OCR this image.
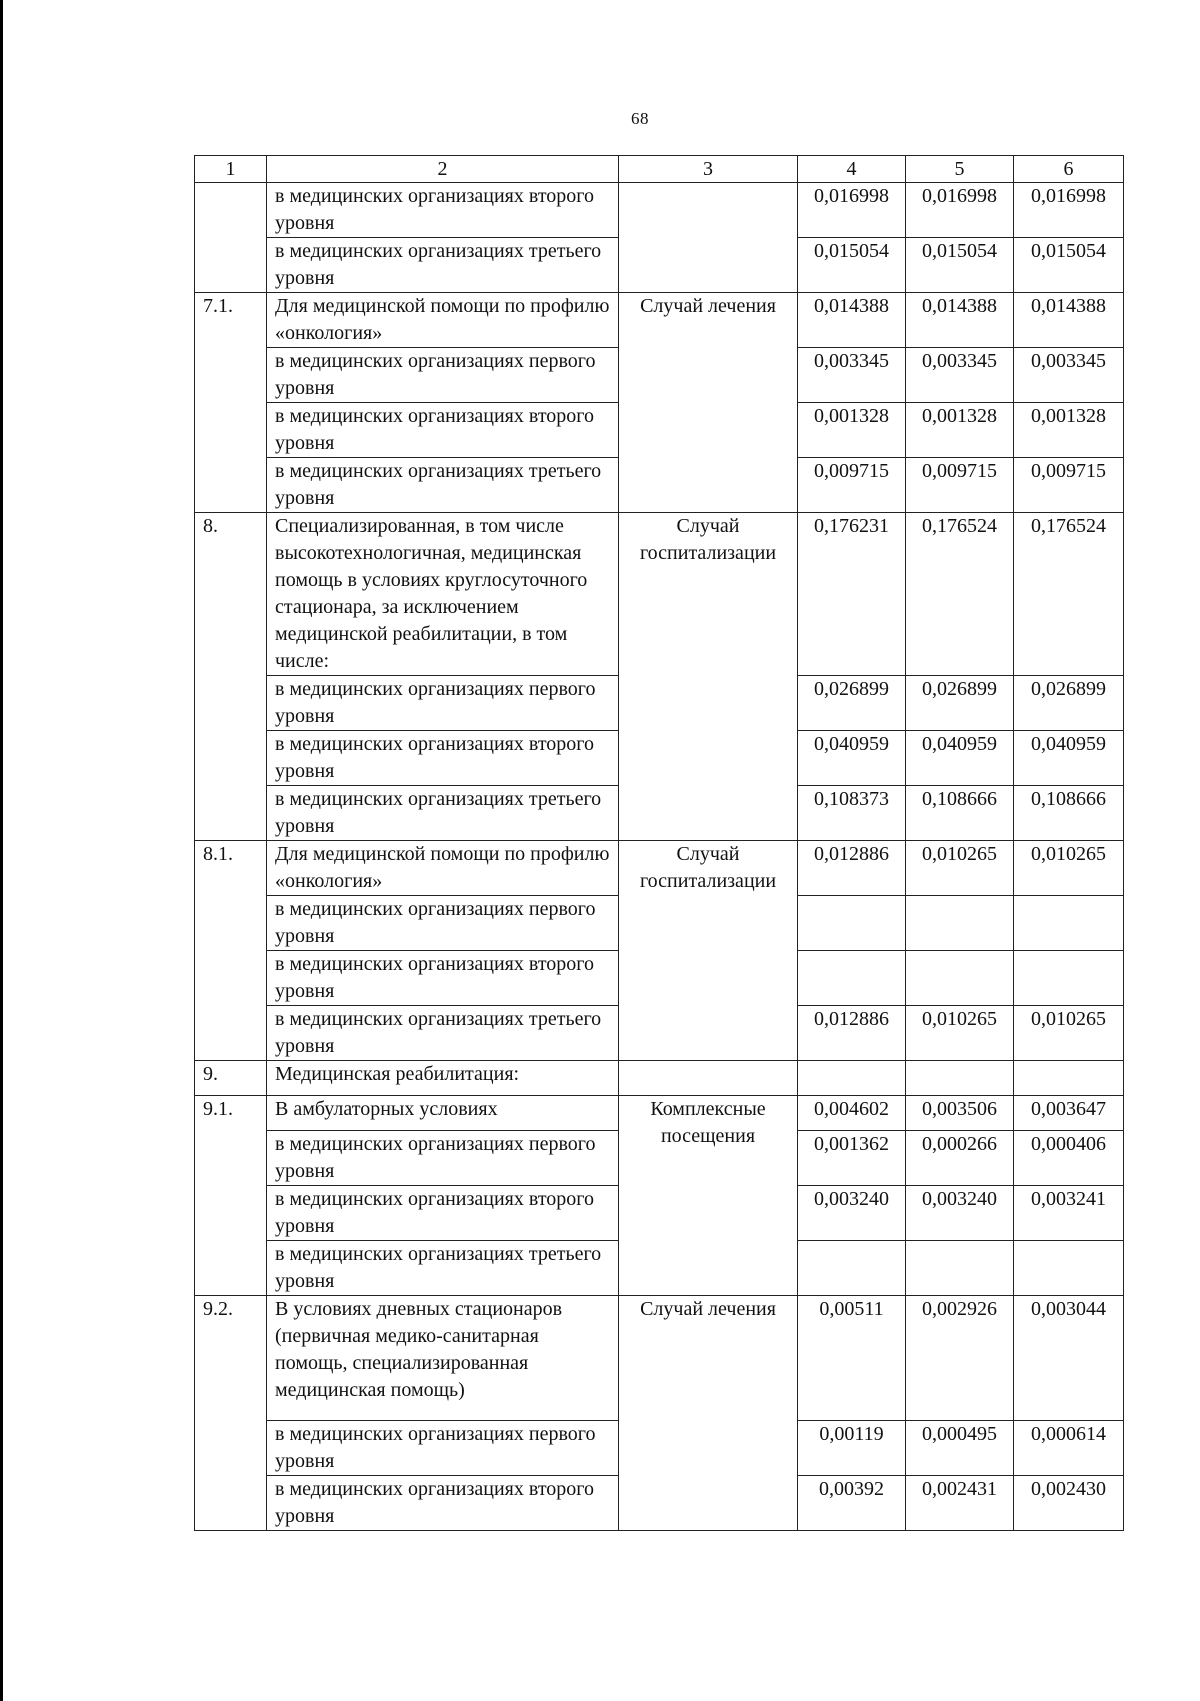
68
1	2	3	4	5	6
	в медицинских организациях второго уровня		0,016998	0,016998	0,016998
	в медицинских организациях третьего уровня		0,015054	0,015054	0,015054
7.1.	Для медицинской помощи по профилю «онкология»	Случай лечения	0,014388	0,014388	0,014388
	в медицинских организациях первого уровня		0,003345	0,003345	0,003345
	в медицинских организациях второго уровня		0,001328	0,001328	0,001328
	в медицинских организациях третьего уровня		0,009715	0,009715	0,009715
8.	Специализированная, в том числе высокотехнологичная, медицинская помощь в условиях круглосуточного стационара, за исключением медицинской реабилитации, в том числе:	Случай госпитализации	0,176231	0,176524	0,176524
	в медицинских организациях первого уровня		0,026899	0,026899	0,026899
	в медицинских организациях второго уровня		0,040959	0,040959	0,040959
	в медицинских организациях третьего уровня		0,108373	0,108666	0,108666
8.1.	Для медицинской помощи по профилю «онкология»	Случай госпитализации	0,012886	0,010265	0,010265
	в медицинских организациях первого уровня				
	в медицинских организациях второго уровня				
	в медицинских организациях третьего уровня		0,012886	0,010265	0,010265
9.	Медицинская реабилитация:				
9.1.	В амбулаторных условиях	Комплексные посещения	0,004602	0,003506	0,003647
	в медицинских организациях первого уровня		0,001362	0,000266	0,000406
	в медицинских организациях второго уровня		0,003240	0,003240	0,003241
	в медицинских организациях третьего уровня				
9.2.	В условиях дневных стационаров (первичная медико-санитарная помощь, специализированная медицинская помощь)	Случай лечения	0,00511	0,002926	0,003044
	в медицинских организациях первого уровня		0,00119	0,000495	0,000614
	в медицинских организациях второго уровня		0,00392	0,002431	0,002430
